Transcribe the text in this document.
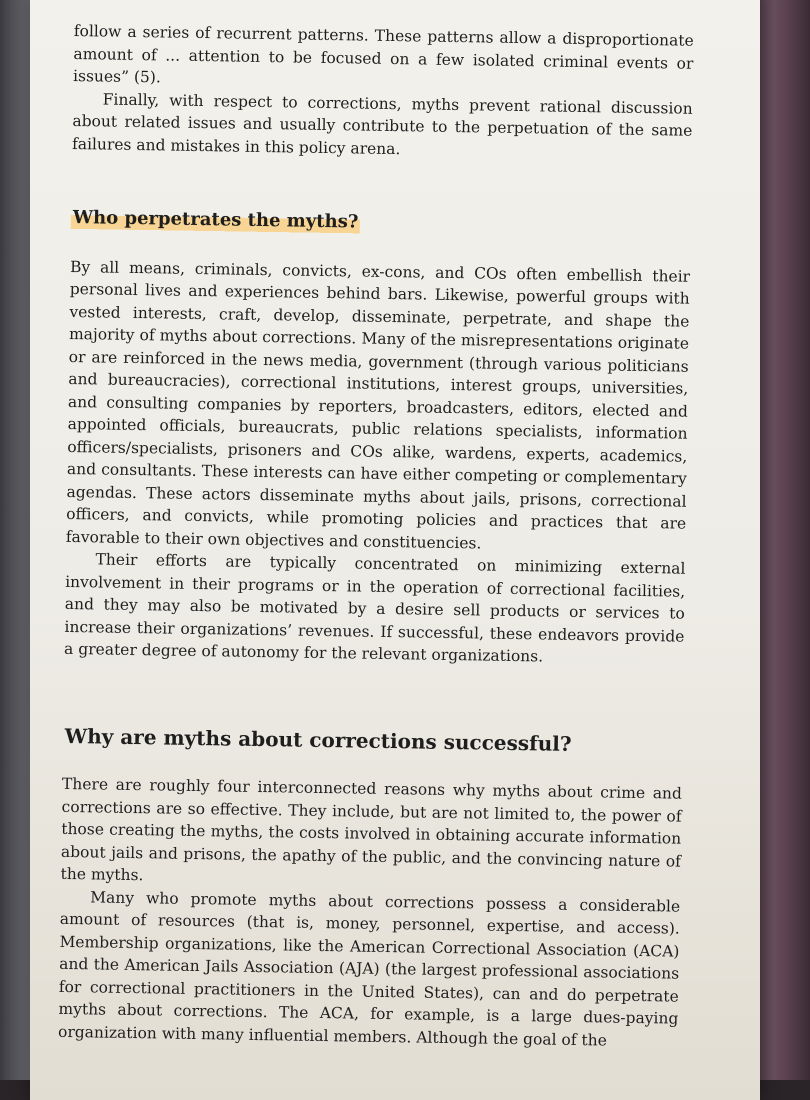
follow a series of recurrent patterns. These patterns allow a disproportionate amount of ... attention to be focused on a few isolated criminal events or issues” (5).

Finally, with respect to corrections, myths prevent rational discussion about related issues and usually contribute to the perpetuation of the same failures and mistakes in this policy arena.

Who perpetrates the myths?

By all means, criminals, convicts, ex-cons, and COs often embellish their personal lives and experiences behind bars. Likewise, powerful groups with vested interests, craft, develop, disseminate, perpetrate, and shape the majority of myths about corrections. Many of the misrepresentations originate or are reinforced in the news media, government (through various politicians and bureaucracies), correctional institutions, interest groups, universities, and consulting companies by reporters, broadcasters, editors, elected and appointed officials, bureaucrats, public relations specialists, information officers/specialists, prisoners and COs alike, wardens, experts, academics, and consultants. These interests can have either competing or complementary agendas. These actors disseminate myths about jails, prisons, correctional officers, and convicts, while promoting policies and practices that are favorable to their own objectives and constituencies.

Their efforts are typically concentrated on minimizing external involvement in their programs or in the operation of correctional facilities, and they may also be motivated by a desire sell products or services to increase their organizations’ revenues. If successful, these endeavors provide a greater degree of autonomy for the relevant organizations.

Why are myths about corrections successful?

There are roughly four interconnected reasons why myths about crime and corrections are so effective. They include, but are not limited to, the power of those creating the myths, the costs involved in obtaining accurate information about jails and prisons, the apathy of the public, and the convincing nature of the myths.

Many who promote myths about corrections possess a considerable amount of resources (that is, money, personnel, expertise, and access). Membership organizations, like the American Correctional Association (ACA) and the American Jails Association (AJA) (the largest professional associations for correctional practitioners in the United States), can and do perpetrate myths about corrections. The ACA, for example, is a large dues-paying organization with many influential members. Although the goal of the
